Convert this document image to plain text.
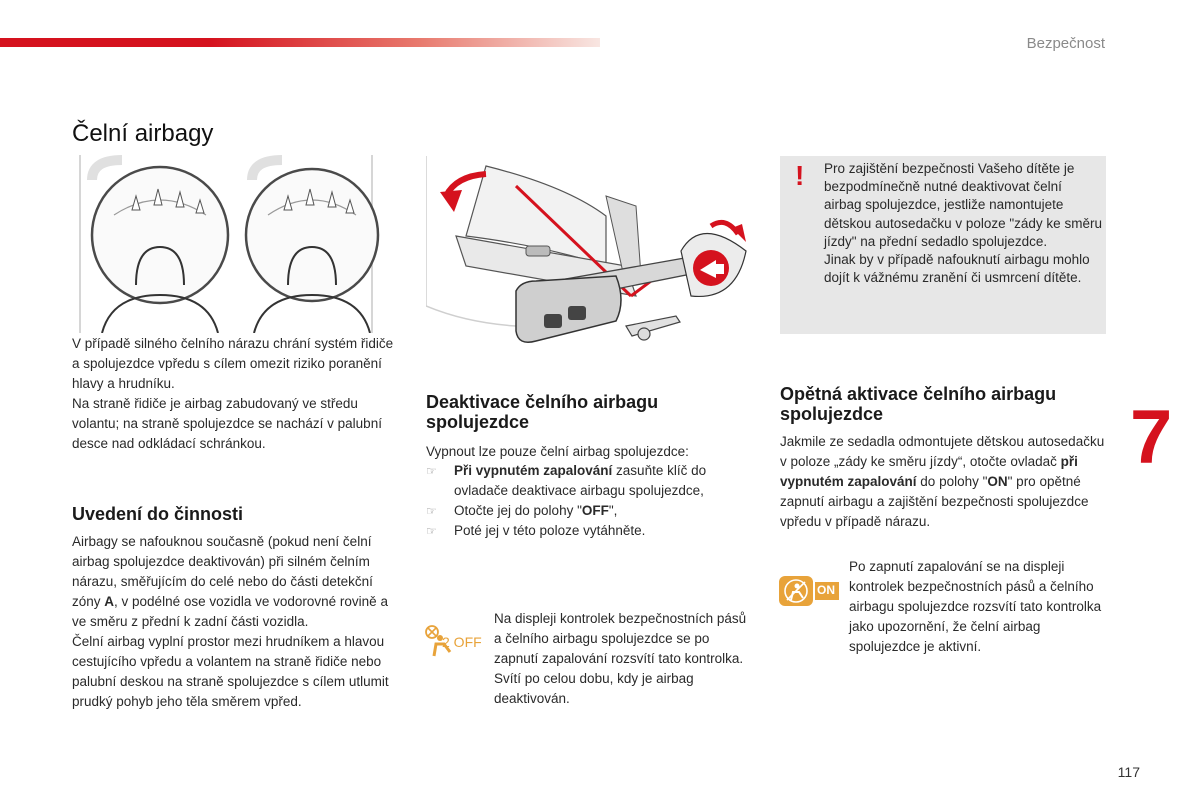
Bezpečnost
Čelní airbagy

V případě silného čelního nárazu chrání systém řidiče a spolujezdce vpředu s cílem omezit riziko poranění hlavy a hrudníku.

Na straně řidiče je airbag zabudovaný ve středu volantu; na straně spolujezdce se nachází v palubní desce nad odkládací schránkou.

Uvedení do činnosti

Airbagy se nafouknou současně (pokud není čelní airbag spolujezdce deaktivován) při silném čelním nárazu, směřujícím do celé nebo do části detekční zóny A, v podélné ose vozidla ve vodorovné rovině a ve směru z přední k zadní části vozidla.

Čelní airbag vyplní prostor mezi hrudníkem a hlavou cestujícího vpředu a volantem na straně řidiče nebo palubní deskou na straně spolujezdce s cílem utlumit prudký pohyb jeho těla směrem vpřed.

Deaktivace čelního airbagu spolujezdce
Vypnout lze pouze čelní airbag spolujezdce:
☞ Při vypnutém zapalování zasuňte klíč do ovladače deaktivace airbagu spolujezdce,
☞ Otočte jej do polohy "OFF",
☞ Poté jej v této poloze vytáhněte.
2 OFF
Na displeji kontrolek bezpečnostních pásů a čelního airbagu spolujezdce se po zapnutí zapalování rozsvítí tato kontrolka. Svítí po celou dobu, kdy je airbag deaktivován.
! Pro zajištění bezpečnosti Vašeho dítěte je bezpodmínečně nutné deaktivovat čelní airbag spolujezdce, jestliže namontujete dětskou autosedačku v poloze "zády ke směru jízdy" na přední sedadlo spolujezdce.
Jinak by v případě nafouknutí airbagu mohlo dojít k vážnému zranění či usmrcení dítěte.
Opětná aktivace čelního airbagu spolujezdce

Jakmile ze sedadla odmontujete dětskou autosedačku v poloze „zády ke směru jízdy“, otočte ovladač při vypnutém zapalování do polohy "ON" pro opětné zapnutí airbagu a zajištění bezpečnosti spolujezdce vpředu v případě nárazu.

ON
Po zapnutí zapalování se na displeji kontrolek bezpečnostních pásů a čelního airbagu spolujezdce rozsvítí tato kontrolka jako upozornění, že čelní airbag spolujezdce je aktivní.
7
117
